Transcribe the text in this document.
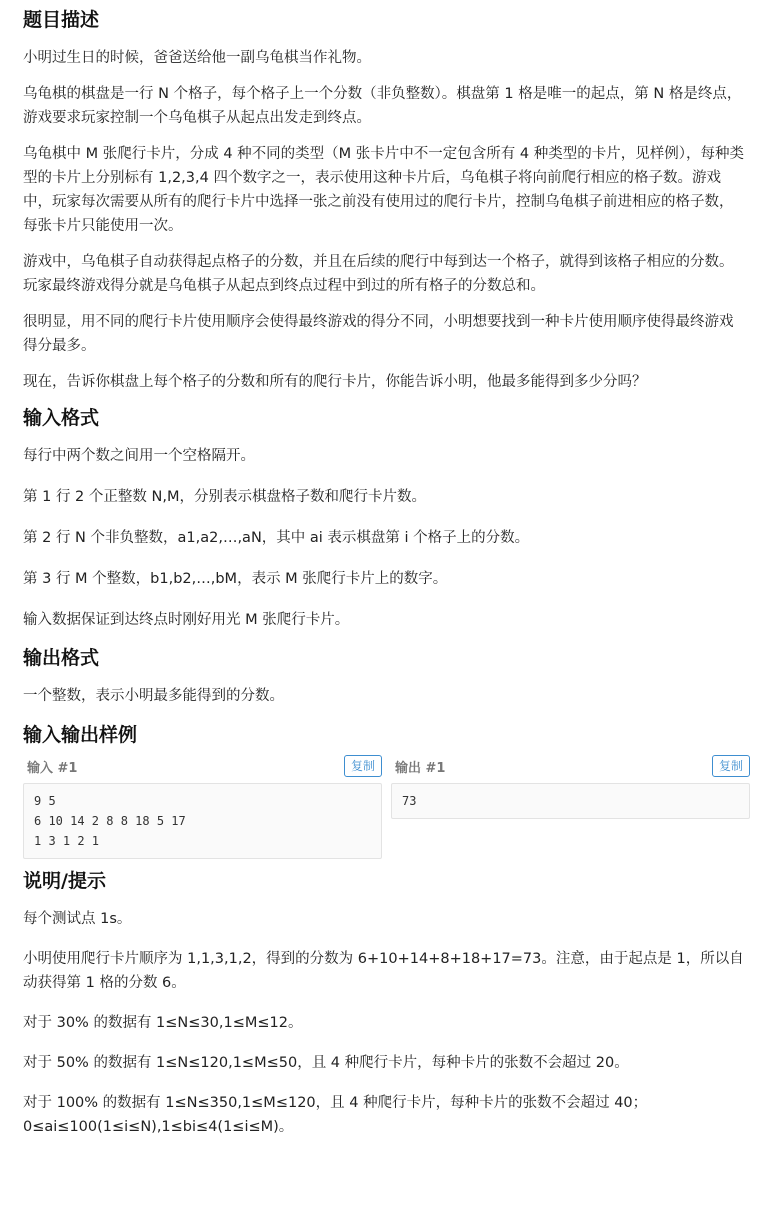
题目描述

小明过生日的时候，爸爸送给他一副乌龟棋当作礼物。

乌龟棋的棋盘是一行 N 个格子，每个格子上一个分数（非负整数）。棋盘第 1 格是唯一的起点，第 N 格是终点，游戏要求玩家控制一个乌龟棋子从起点出发走到终点。

乌龟棋中 M 张爬行卡片，分成 4 种不同的类型（M 张卡片中不一定包含所有 4 种类型的卡片，见样例），每种类型的卡片上分别标有 1,2,3,4 四个数字之一，表示使用这种卡片后，乌龟棋子将向前爬行相应的格子数。游戏中，玩家每次需要从所有的爬行卡片中选择一张之前没有使用过的爬行卡片，控制乌龟棋子前进相应的格子数，每张卡片只能使用一次。

游戏中，乌龟棋子自动获得起点格子的分数，并且在后续的爬行中每到达一个格子，就得到该格子相应的分数。玩家最终游戏得分就是乌龟棋子从起点到终点过程中到过的所有格子的分数总和。

很明显，用不同的爬行卡片使用顺序会使得最终游戏的得分不同，小明想要找到一种卡片使用顺序使得最终游戏得分最多。

现在，告诉你棋盘上每个格子的分数和所有的爬行卡片，你能告诉小明，他最多能得到多少分吗？

输入格式

每行中两个数之间用一个空格隔开。

第 1 行 2 个正整数 N,M，分别表示棋盘格子数和爬行卡片数。

第 2 行 N 个非负整数，a1,a2,…,aN，其中 ai 表示棋盘第 i 个格子上的分数。

第 3 行 M 个整数，b1,b2,…,bM，表示 M 张爬行卡片上的数字。

输入数据保证到达终点时刚好用光 M 张爬行卡片。

输出格式

一个整数，表示小明最多能得到的分数。

输入输出样例
输入 #1	复制
9 5
6 10 14 2 8 8 18 5 17
1 3 1 2 1
输出 #1	复制
73
说明/提示

每个测试点 1s。

小明使用爬行卡片顺序为 1,1,3,1,2，得到的分数为 6+10+14+8+18+17=73。注意，由于起点是 1，所以自动获得第 1 格的分数 6。

对于 30% 的数据有 1≤N≤30,1≤M≤12。

对于 50% 的数据有 1≤N≤120,1≤M≤50，且 4 种爬行卡片，每种卡片的张数不会超过 20。

对于 100% 的数据有 1≤N≤350,1≤M≤120，且 4 种爬行卡片，每种卡片的张数不会超过 40；0≤ai≤100(1≤i≤N),1≤bi≤4(1≤i≤M)。
